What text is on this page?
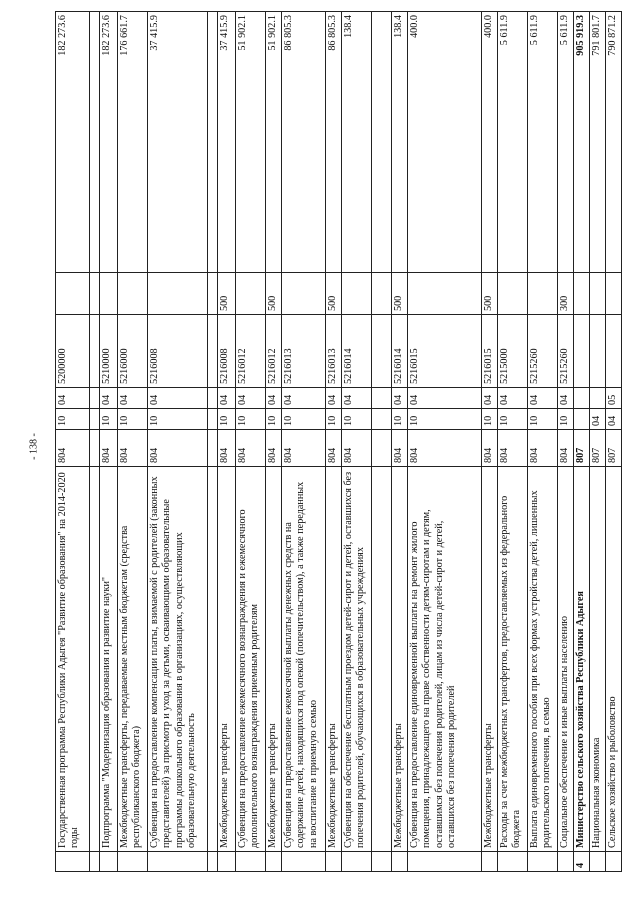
- 138 -
	Государственная программа Республики Адыгея "Развитие образования" на 2014-2020 годы	804	10	04	5200000		182 273.6

	Подпрограмма "Модернизация образования и развитие науки"	804	10	04	5210000		182 273.6
	Межбюджетные трансферты, передаваемые местным бюджетам (средства республиканского бюджета)	804	10	04	5216000		176 661.7
	Субвенция на предоставление компенсации платы, взимаемой с родителей (законных представителей) за присмотр и уход за детьми, осваивающими образовательные программы дошкольного образования в организациях, осуществляющих образовательную деятельность	804	10	04	5216008		37 415.9

	Межбюджетные трансферты	804	10	04	5216008	500	37 415.9
	Субвенция на предоставление ежемесячного вознаграждения и ежемесячного дополнительного вознаграждения приемным родителям	804	10	04	5216012		51 902.1
	Межбюджетные трансферты	804	10	04	5216012	500	51 902.1
	Субвенция на предоставление ежемесячной выплаты денежных средств на содержание детей, находящихся под опекой (попечительством), а также переданных на воспитание в приемную семью	804	10	04	5216013		86 805.3
	Межбюджетные трансферты	804	10	04	5216013	500	86 805.3
	Субвенция на обеспечение бесплатным проездом детей-сирот и детей, оставшихся без попечения родителей, обучающихся в образовательных учреждениях	804	10	04	5216014		138.4

	Межбюджетные трансферты	804	10	04	5216014	500	138.4
	Субвенция на предоставление единовременной выплаты на ремонт жилого помещения, принадлежащего на праве собственности детям-сиротам и детям, оставшимся без попечения родителей, лицам из числа детей-сирот и детей, оставшихся без попечения родителей	804	10	04	5216015		400.0
	Межбюджетные трансферты	804	10	04	5216015	500	400.0
	Расходы за счет межбюджетных трансфертов, предоставляемых из федерального бюджета	804	10	04	5215000		5 611.9
	Выплата единовременного пособия при всех формах устройства детей, лишенных родительского попечения, в семью	804	10	04	5215260		5 611.9
	Социальное обеспечение и иные выплаты населению	804	10	04	5215260	300	5 611.9
4	Министерство сельского хозяйства Республики Адыгея	807					905 919.3
	Национальная экономика	807	04				791 801.7
	Сельское хозяйство и рыболовство	807	04	05			790 871.2
